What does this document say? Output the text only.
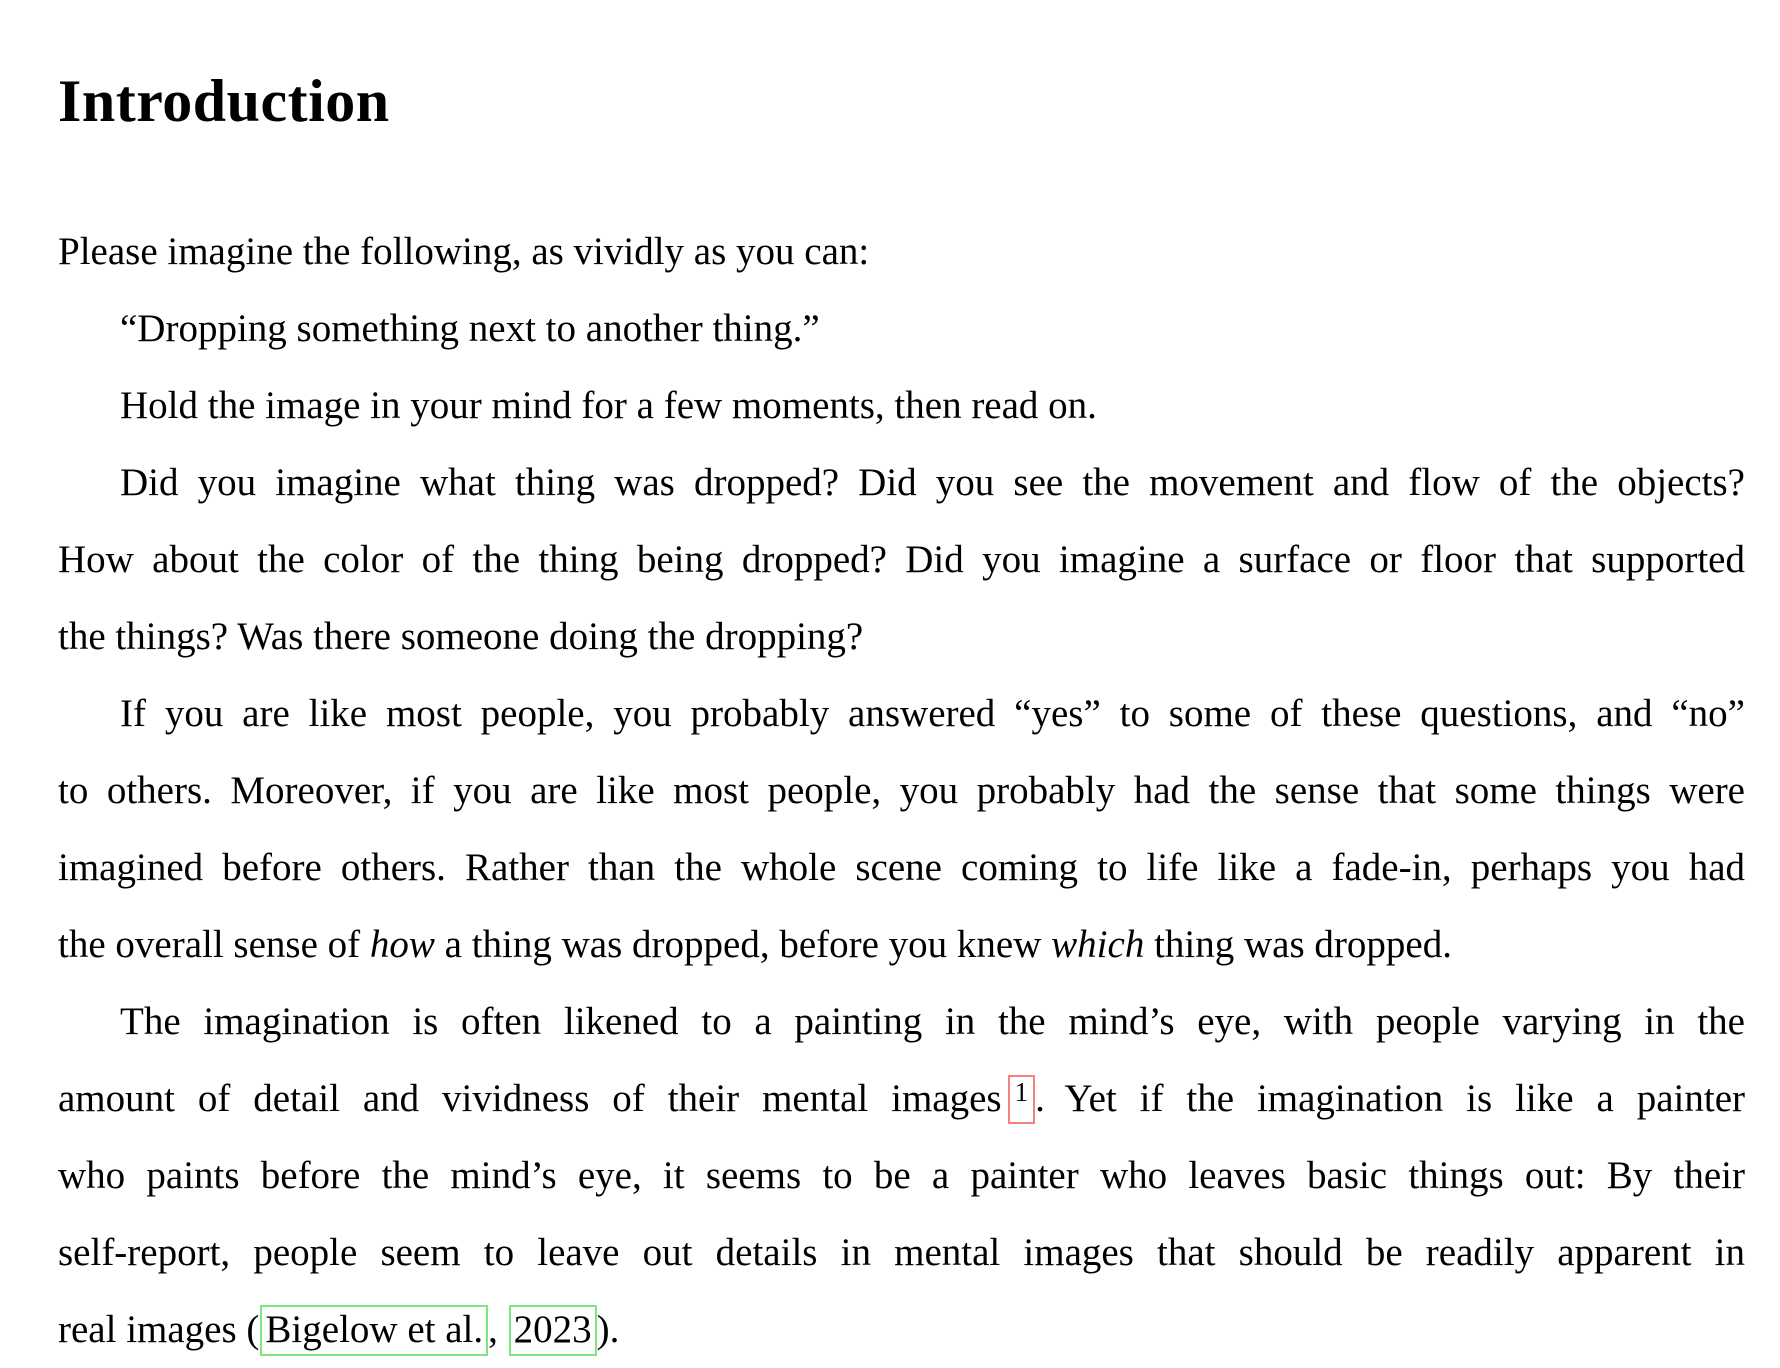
Introduction
Please imagine the following, as vividly as you can:
“Dropping something next to another thing.”
Hold the image in your mind for a few moments, then read on.
Did you imagine what thing was dropped? Did you see the movement and flow of the objects?
How about the color of the thing being dropped? Did you imagine a surface or floor that supported
the things? Was there someone doing the dropping?
If you are like most people, you probably answered “yes” to some of these questions, and “no”
to others. Moreover, if you are like most people, you probably had the sense that some things were
imagined before others. Rather than the whole scene coming to life like a fade-in, perhaps you had
the overall sense of how a thing was dropped, before you knew which thing was dropped.
The imagination is often likened to a painting in the mind’s eye, with people varying in the
amount of detail and vividness of their mental images 1 . Yet if the imagination is like a painter
who paints before the mind’s eye, it seems to be a painter who leaves basic things out: By their
self-report, people seem to leave out details in mental images that should be readily apparent in
real images ( Bigelow et al. , 2023 ).
